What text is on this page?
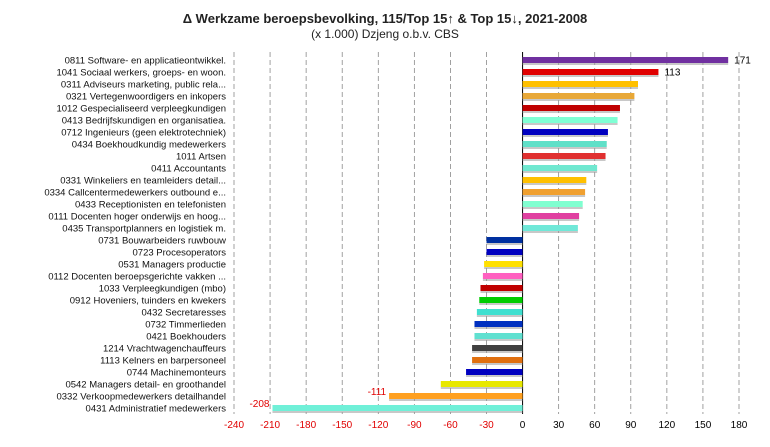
Δ Werkzame beroepsbevolking, 115/Top 15↑ & Top 15↓, 2021-2008
(x 1.000) Dzjeng o.b.v. CBS
0811 Software- en applicatieontwikkel.
1041 Sociaal werkers, groeps- en woon.
0311 Adviseurs marketing, public rela...
0321 Vertegenwoordigers en inkopers
1012 Gespecialiseerd verpleegkundigen
0413 Bedrijfskundigen en organisatiea.
0712 Ingenieurs (geen elektrotechniek)
0434 Boekhoudkundig medewerkers
1011 Artsen
0411 Accountants
0331 Winkeliers en teamleiders detail...
0334 Callcentermedewerkers outbound e...
0433 Receptionisten en telefonisten
0111 Docenten hoger onderwijs en hoog...
0435 Transportplanners en logistiek m.
0731 Bouwarbeiders ruwbouw
0723 Procesoperators
0531 Managers productie
0112 Docenten beroepsgerichte vakken ...
1033 Verpleegkundigen (mbo)
0912 Hoveniers, tuinders en kwekers
0432 Secretaresses
0732 Timmerlieden
0421 Boekhouders
1214 Vrachtwagenchauffeurs
1113 Kelners en barpersoneel
0744 Machinemonteurs
0542 Managers detail- en groothandel
0332 Verkoopmedewerkers detailhandel
0431 Administratief medewerkers
-240 -210 -180 -150 -120 -90 -60 -30	0	30 60 90 120 150 180
171
113
-111
-208
